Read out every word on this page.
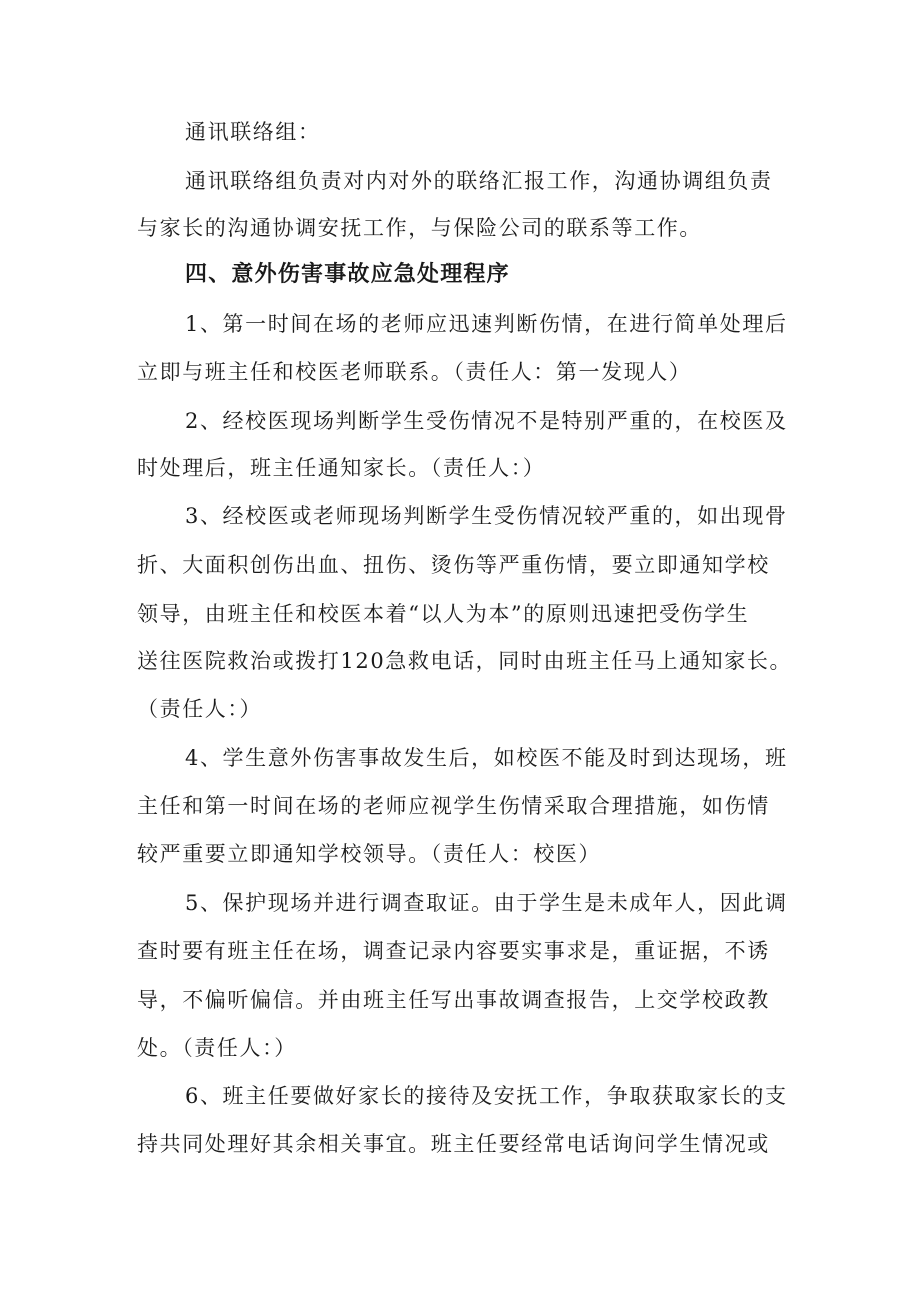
通讯联络组：
通讯联络组负责对内对外的联络汇报工作，沟通协调组负责
与家长的沟通协调安抚工作，与保险公司的联系等工作。
四、意外伤害事故应急处理程序
1、第一时间在场的老师应迅速判断伤情，在进行简单处理后
立即与班主任和校医老师联系。（责任人：第一发现人）
2、经校医现场判断学生受伤情况不是特别严重的，在校医及
时处理后，班主任通知家长。（责任人：）
3、经校医或老师现场判断学生受伤情况较严重的，如出现骨
折、大面积创伤出血、扭伤、烫伤等严重伤情，要立即通知学校
领导，由班主任和校医本着“以人为本”的原则迅速把受伤学生
送往医院救治或拨打120急救电话，同时由班主任马上通知家长。
（责任人：）
4、学生意外伤害事故发生后，如校医不能及时到达现场，班
主任和第一时间在场的老师应视学生伤情采取合理措施，如伤情
较严重要立即通知学校领导。（责任人：校医）
5、保护现场并进行调查取证。由于学生是未成年人，因此调
查时要有班主任在场，调查记录内容要实事求是，重证据，不诱
导，不偏听偏信。并由班主任写出事故调查报告，上交学校政教
处。（责任人：）
6、班主任要做好家长的接待及安抚工作，争取获取家长的支
持共同处理好其余相关事宜。班主任要经常电话询问学生情况或
